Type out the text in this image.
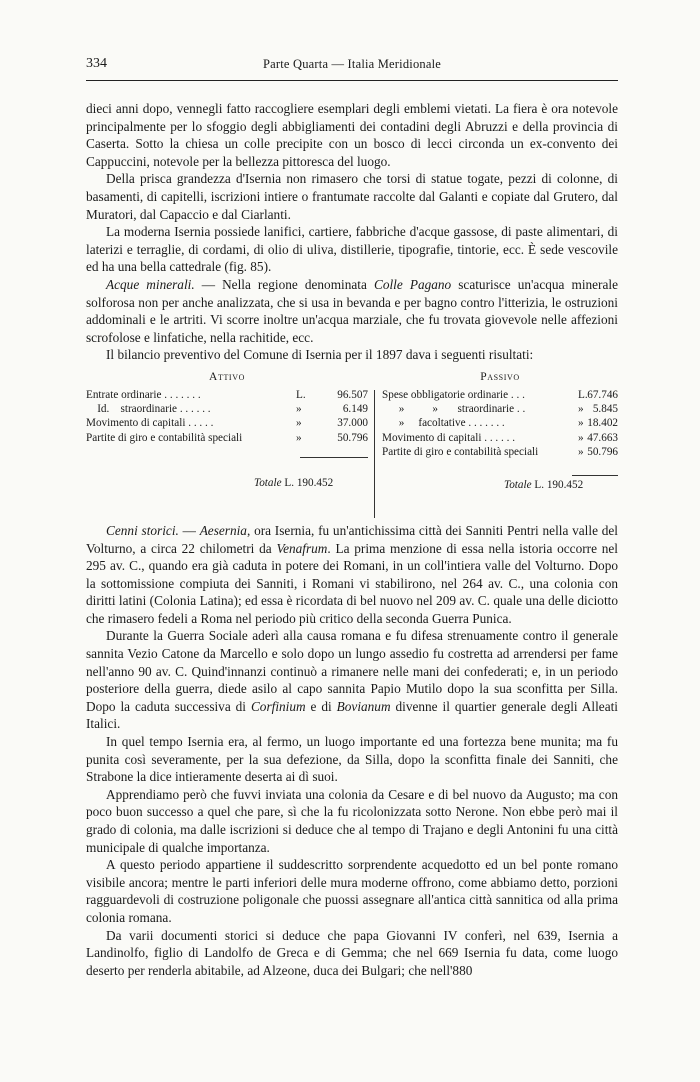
334	Parte Quarta — Italia Meridionale

dieci anni dopo, vennegli fatto raccogliere esemplari degli emblemi vietati. La fiera è ora notevole principalmente per lo sfoggio degli abbigliamenti dei contadini degli Abruzzi e della provincia di Caserta. Sotto la chiesa un colle precipite con un bosco di lecci circonda un ex-convento dei Cappuccini, notevole per la bellezza pittoresca del luogo.

Della prisca grandezza d'Isernia non rimasero che torsi di statue togate, pezzi di colonne, di basamenti, di capitelli, iscrizioni intiere o frantumate raccolte dal Galanti e copiate dal Grutero, dal Muratori, dal Capaccio e dal Ciarlanti.

La moderna Isernia possiede lanifici, cartiere, fabbriche d'acque gassose, di paste alimentari, di laterizi e terraglie, di cordami, di olio di uliva, distillerie, tipografie, tintorie, ecc. È sede vescovile ed ha una bella cattedrale (fig. 85).

Acque minerali. — Nella regione denominata Colle Pagano scaturisce un'acqua minerale solforosa non per anche analizzata, che si usa in bevanda e per bagno contro l'itterizia, le ostruzioni addominali e le artriti. Vi scorre inoltre un'acqua marziale, che fu trovata giovevole nelle affezioni scrofolose e linfatiche, nella rachitide, ecc.

Il bilancio preventivo del Comune di Isernia per il 1897 dava i seguenti risultati:

Attivo
Entrate ordinarie . . . . . . .	L.	96.507
Id.    straordinarie . . . . . .	»	6.149
Movimento di capitali . . . . .	»	37.000
Partite di giro e contabilità speciali	»	50.796
Totale L. 190.452
Passivo
Spese obbligatorie ordinarie . . .	L. 67.746
»          »       straordinarie . .	» 5.845
»     facoltative . . . . . . .	» 18.402
Movimento di capitali . . . . . .	» 47.663
Partite di giro e contabilità speciali	» 50.796
Totale L. 190.452

Cenni storici. — Aesernia, ora Isernia, fu un'antichissima città dei Sanniti Pentri nella valle del Volturno, a circa 22 chilometri da Venafrum. La prima menzione di essa nella istoria occorre nel 295 av. C., quando era già caduta in potere dei Romani, in un coll'intiera valle del Volturno. Dopo la sottomissione compiuta dei Sanniti, i Romani vi stabilirono, nel 264 av. C., una colonia con diritti latini (Colonia Latina); ed essa è ricordata di bel nuovo nel 209 av. C. quale una delle diciotto che rimasero fedeli a Roma nel periodo più critico della seconda Guerra Punica.

Durante la Guerra Sociale aderì alla causa romana e fu difesa strenuamente contro il generale sannita Vezio Catone da Marcello e solo dopo un lungo assedio fu costretta ad arrendersi per fame nell'anno 90 av. C. Quind'innanzi continuò a rimanere nelle mani dei confederati; e, in un periodo posteriore della guerra, diede asilo al capo sannita Papio Mutilo dopo la sua sconfitta per Silla. Dopo la caduta successiva di Corfinium e di Bovianum divenne il quartier generale degli Alleati Italici.

In quel tempo Isernia era, al fermo, un luogo importante ed una fortezza bene munita; ma fu punita così severamente, per la sua defezione, da Silla, dopo la sconfitta finale dei Sanniti, che Strabone la dice intieramente deserta ai dì suoi.

Apprendiamo però che fuvvi inviata una colonia da Cesare e di bel nuovo da Augusto; ma con poco buon successo a quel che pare, sì che la fu ricolonizzata sotto Nerone. Non ebbe però mai il grado di colonia, ma dalle iscrizioni si deduce che al tempo di Trajano e degli Antonini fu una città municipale di qualche importanza.

A questo periodo appartiene il suddescritto sorprendente acquedotto ed un bel ponte romano visibile ancora; mentre le parti inferiori delle mura moderne offrono, come abbiamo detto, porzioni ragguardevoli di costruzione poligonale che puossi assegnare all'antica città sannitica od alla prima colonia romana.

Da varii documenti storici si deduce che papa Giovanni IV conferì, nel 639, Isernia a Landinolfo, figlio di Landolfo de Greca e di Gemma; che nel 669 Isernia fu data, come luogo deserto per renderla abitabile, ad Alzeone, duca dei Bulgari; che nell'880
